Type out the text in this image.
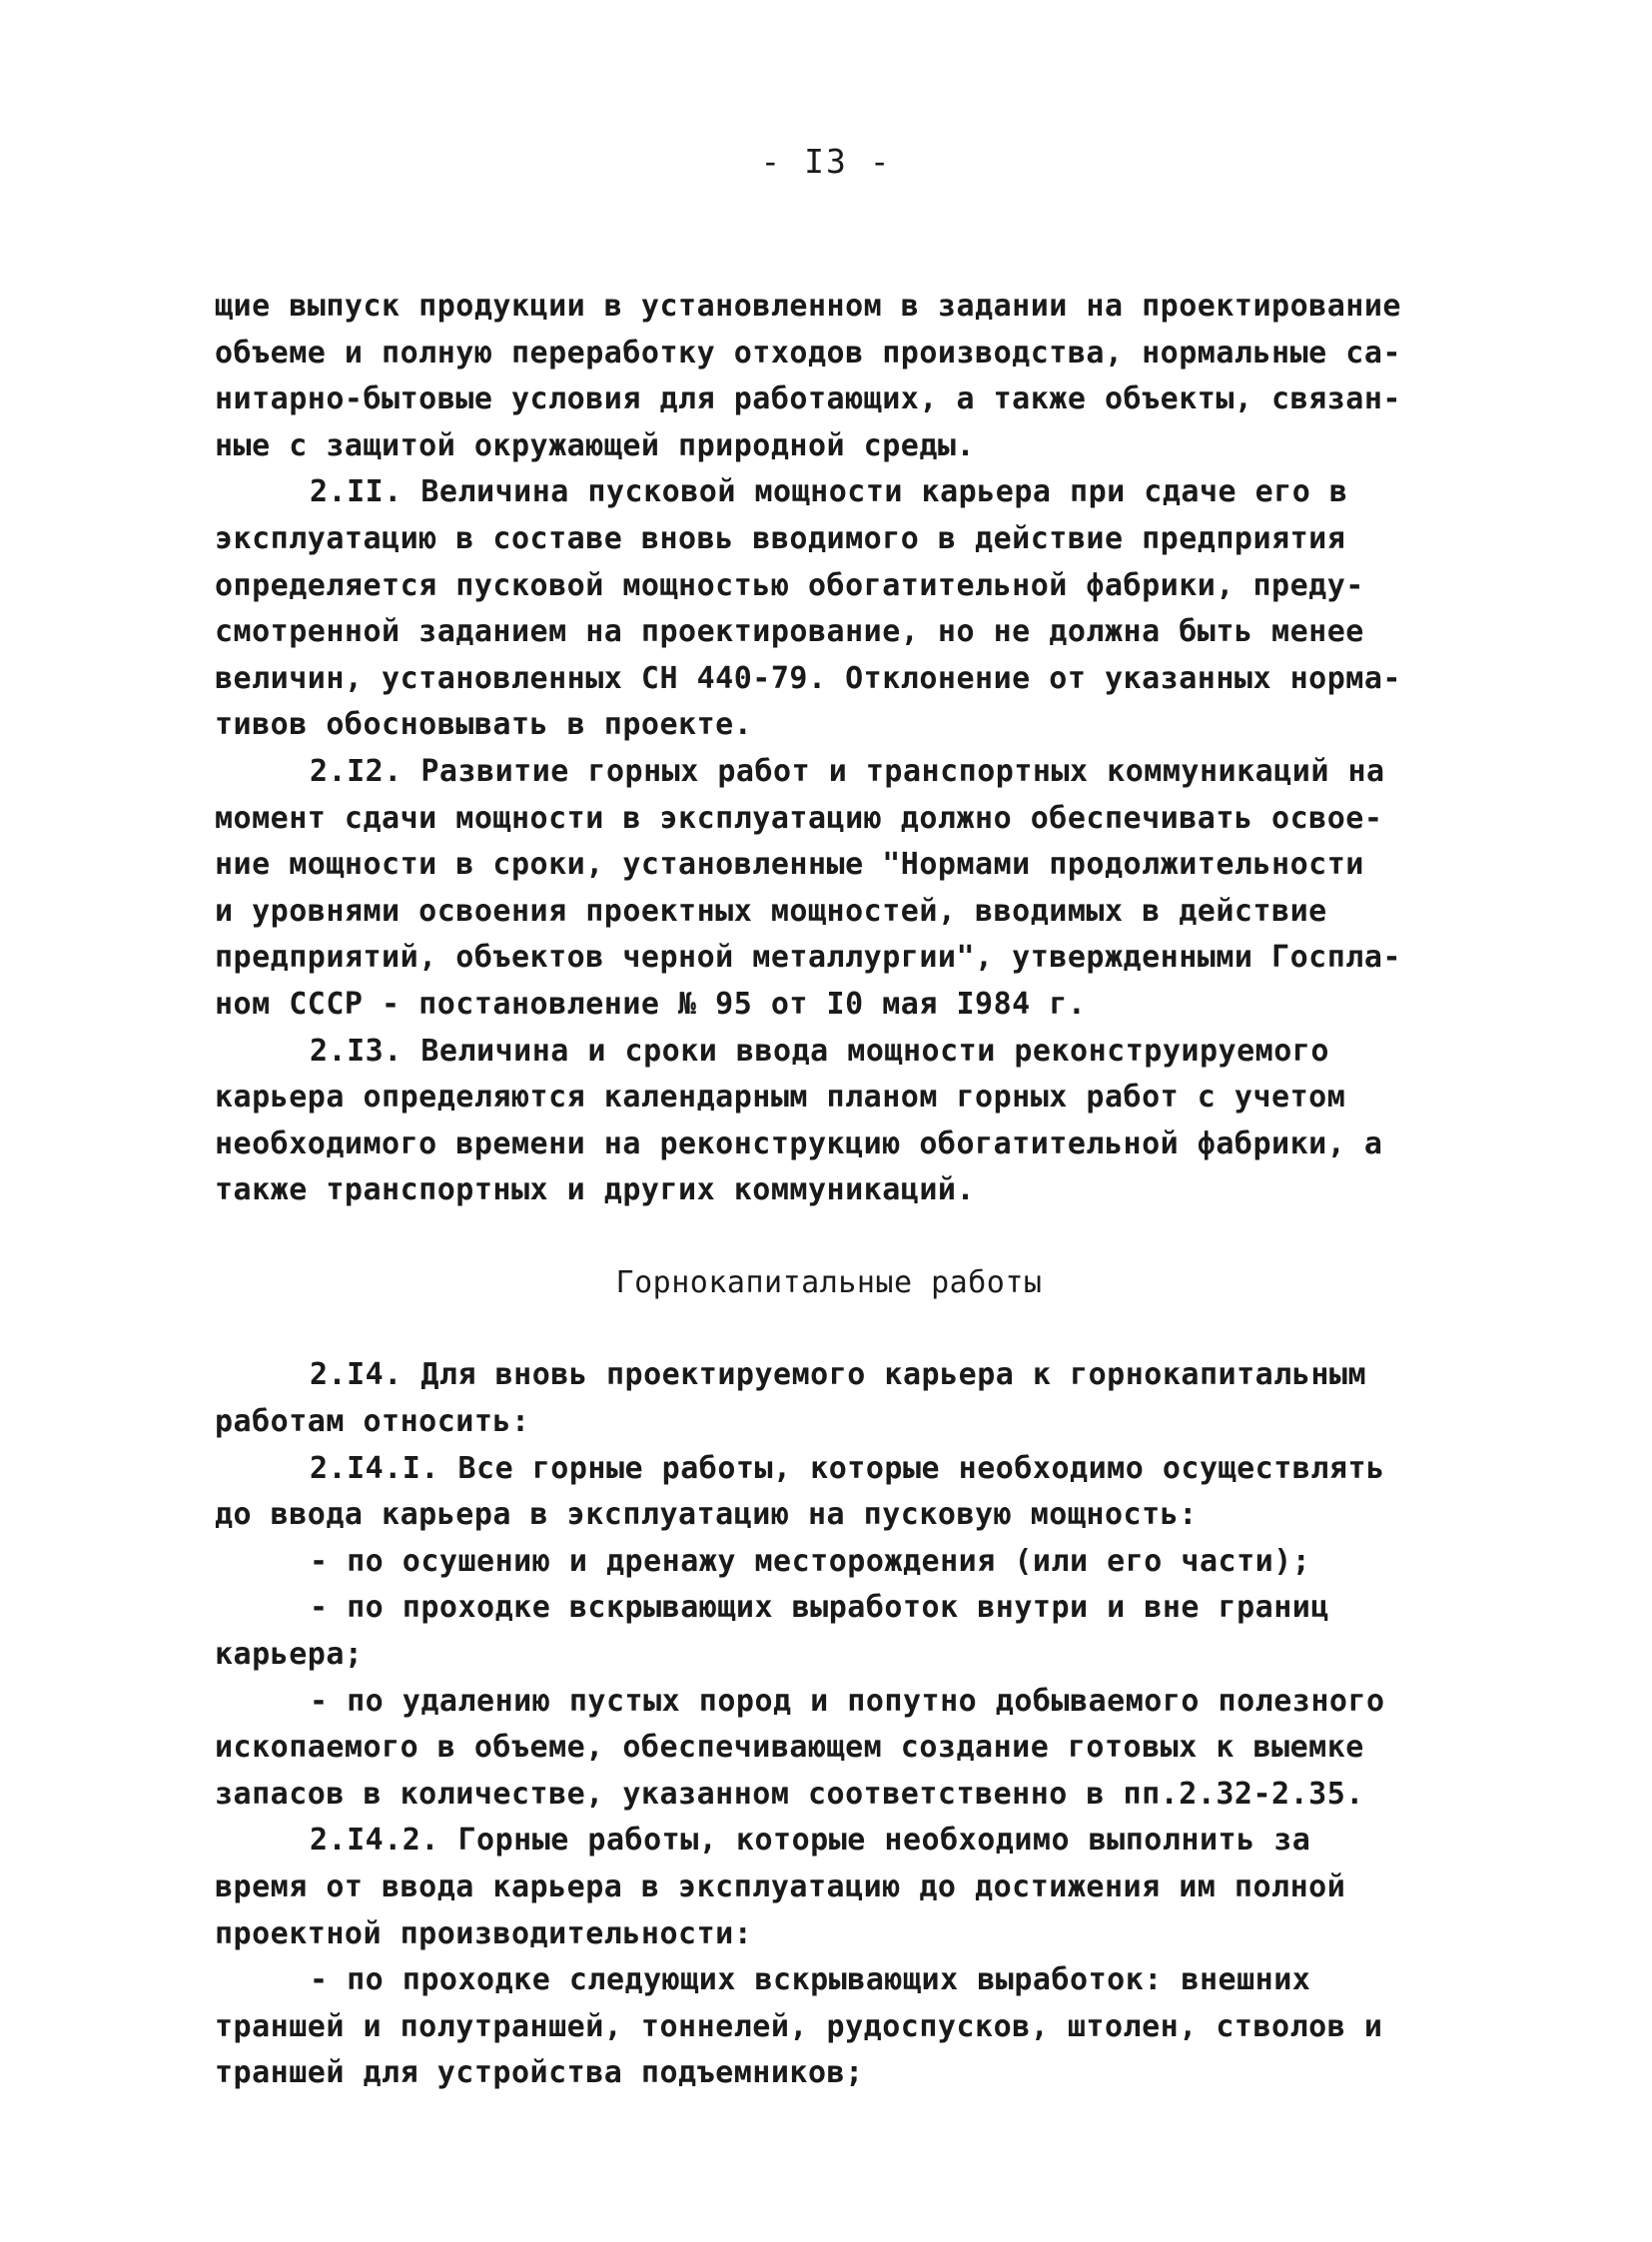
- I3 -
щие выпуск продукции в установленном в задании на проектирование
объеме и полную переработку отходов производства, нормальные са-
нитарно-бытовые условия для работающих, а также объекты, связан-
ные с защитой окружающей природной среды.
2.II. Величина пусковой мощности карьера при сдаче его в
эксплуатацию в составе вновь вводимого в действие предприятия
определяется пусковой мощностью обогатительной фабрики, преду-
смотренной заданием на проектирование, но не должна быть менее
величин, установленных СН 440-79. Отклонение от указанных норма-
тивов обосновывать в проекте.
2.I2. Развитие горных работ и транспортных коммуникаций на
момент сдачи мощности в эксплуатацию должно обеспечивать освое-
ние мощности в сроки, установленные "Нормами продолжительности
и уровнями освоения проектных мощностей, вводимых в действие
предприятий, объектов черной металлургии", утвержденными Госпла-
ном СССР - постановление № 95 от I0 мая I984 г.
2.I3. Величина и сроки ввода мощности реконструируемого
карьера определяются календарным планом горных работ с учетом
необходимого времени на реконструкцию обогатительной фабрики, а
также транспортных и других коммуникаций.
Горнокапитальные работы
2.I4. Для вновь проектируемого карьера к горнокапитальным
работам относить:
2.I4.I. Все горные работы, которые необходимо осуществлять
до ввода карьера в эксплуатацию на пусковую мощность:
- по осушению и дренажу месторождения (или его части);
- по проходке вскрывающих выработок внутри и вне границ
карьера;
- по удалению пустых пород и попутно добываемого полезного
ископаемого в объеме, обеспечивающем создание готовых к выемке
запасов в количестве, указанном соответственно в пп.2.32-2.35.
2.I4.2. Горные работы, которые необходимо выполнить за
время от ввода карьера в эксплуатацию до достижения им полной
проектной производительности:
- по проходке следующих вскрывающих выработок: внешних
траншей и полутраншей, тоннелей, рудоспусков, штолен, стволов и
траншей для устройства подъемников;
